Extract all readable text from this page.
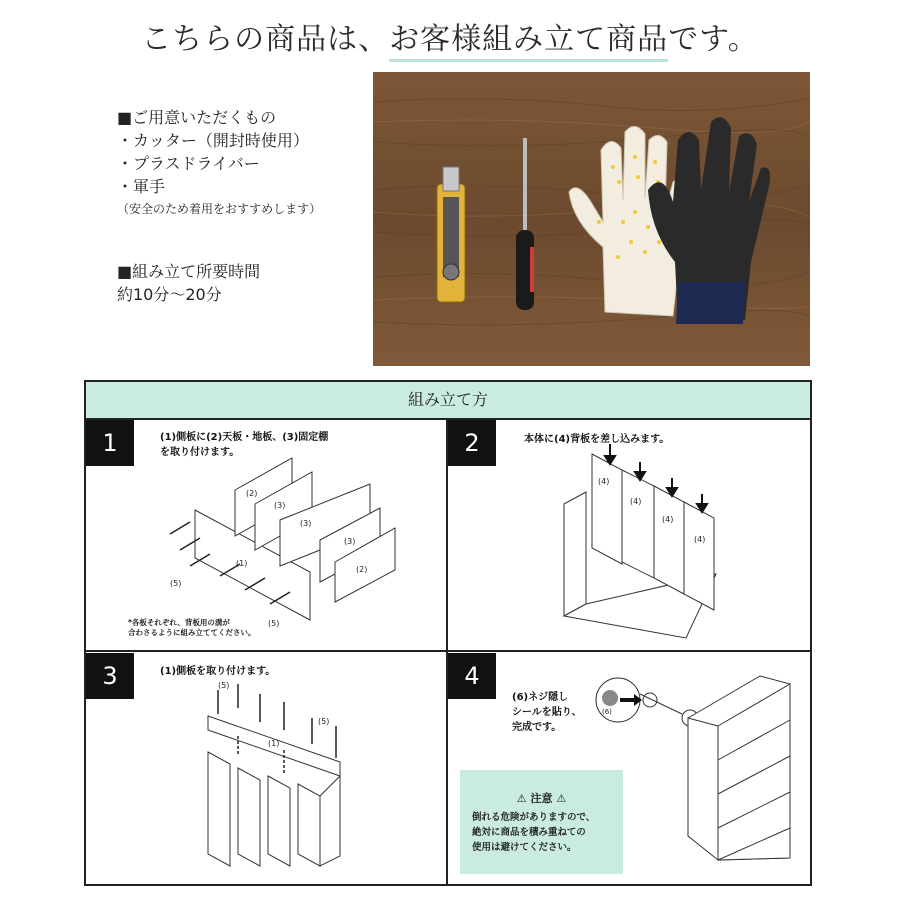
こちらの商品は、お客様組み立て商品です。
■ご用意いただくもの
・カッター（開封時使用）
・プラスドライバー
・軍手
（安全のため着用をおすすめします）
■組み立て所要時間
約10分〜20分
組み立て方
1	2
3	4
(1)側板に(2)天板・地板、(3)固定棚
を取り付けます。
*各板それぞれ、背板用の溝が
合わさるように組み立ててください。
本体に(4)背板を差し込みます。
(1)側板を取り付けます。
(6)ネジ隠し
シールを貼り、
完成です。
(2)
(3)
(3)
(3)
(2)
(1)
(5)
(5)
(4)
(4)
(4)
(4)
(5)
(5)
(1)
(6)
⚠ 注意 ⚠
倒れる危険がありますので、
絶対に商品を積み重ねての
使用は避けてください。
